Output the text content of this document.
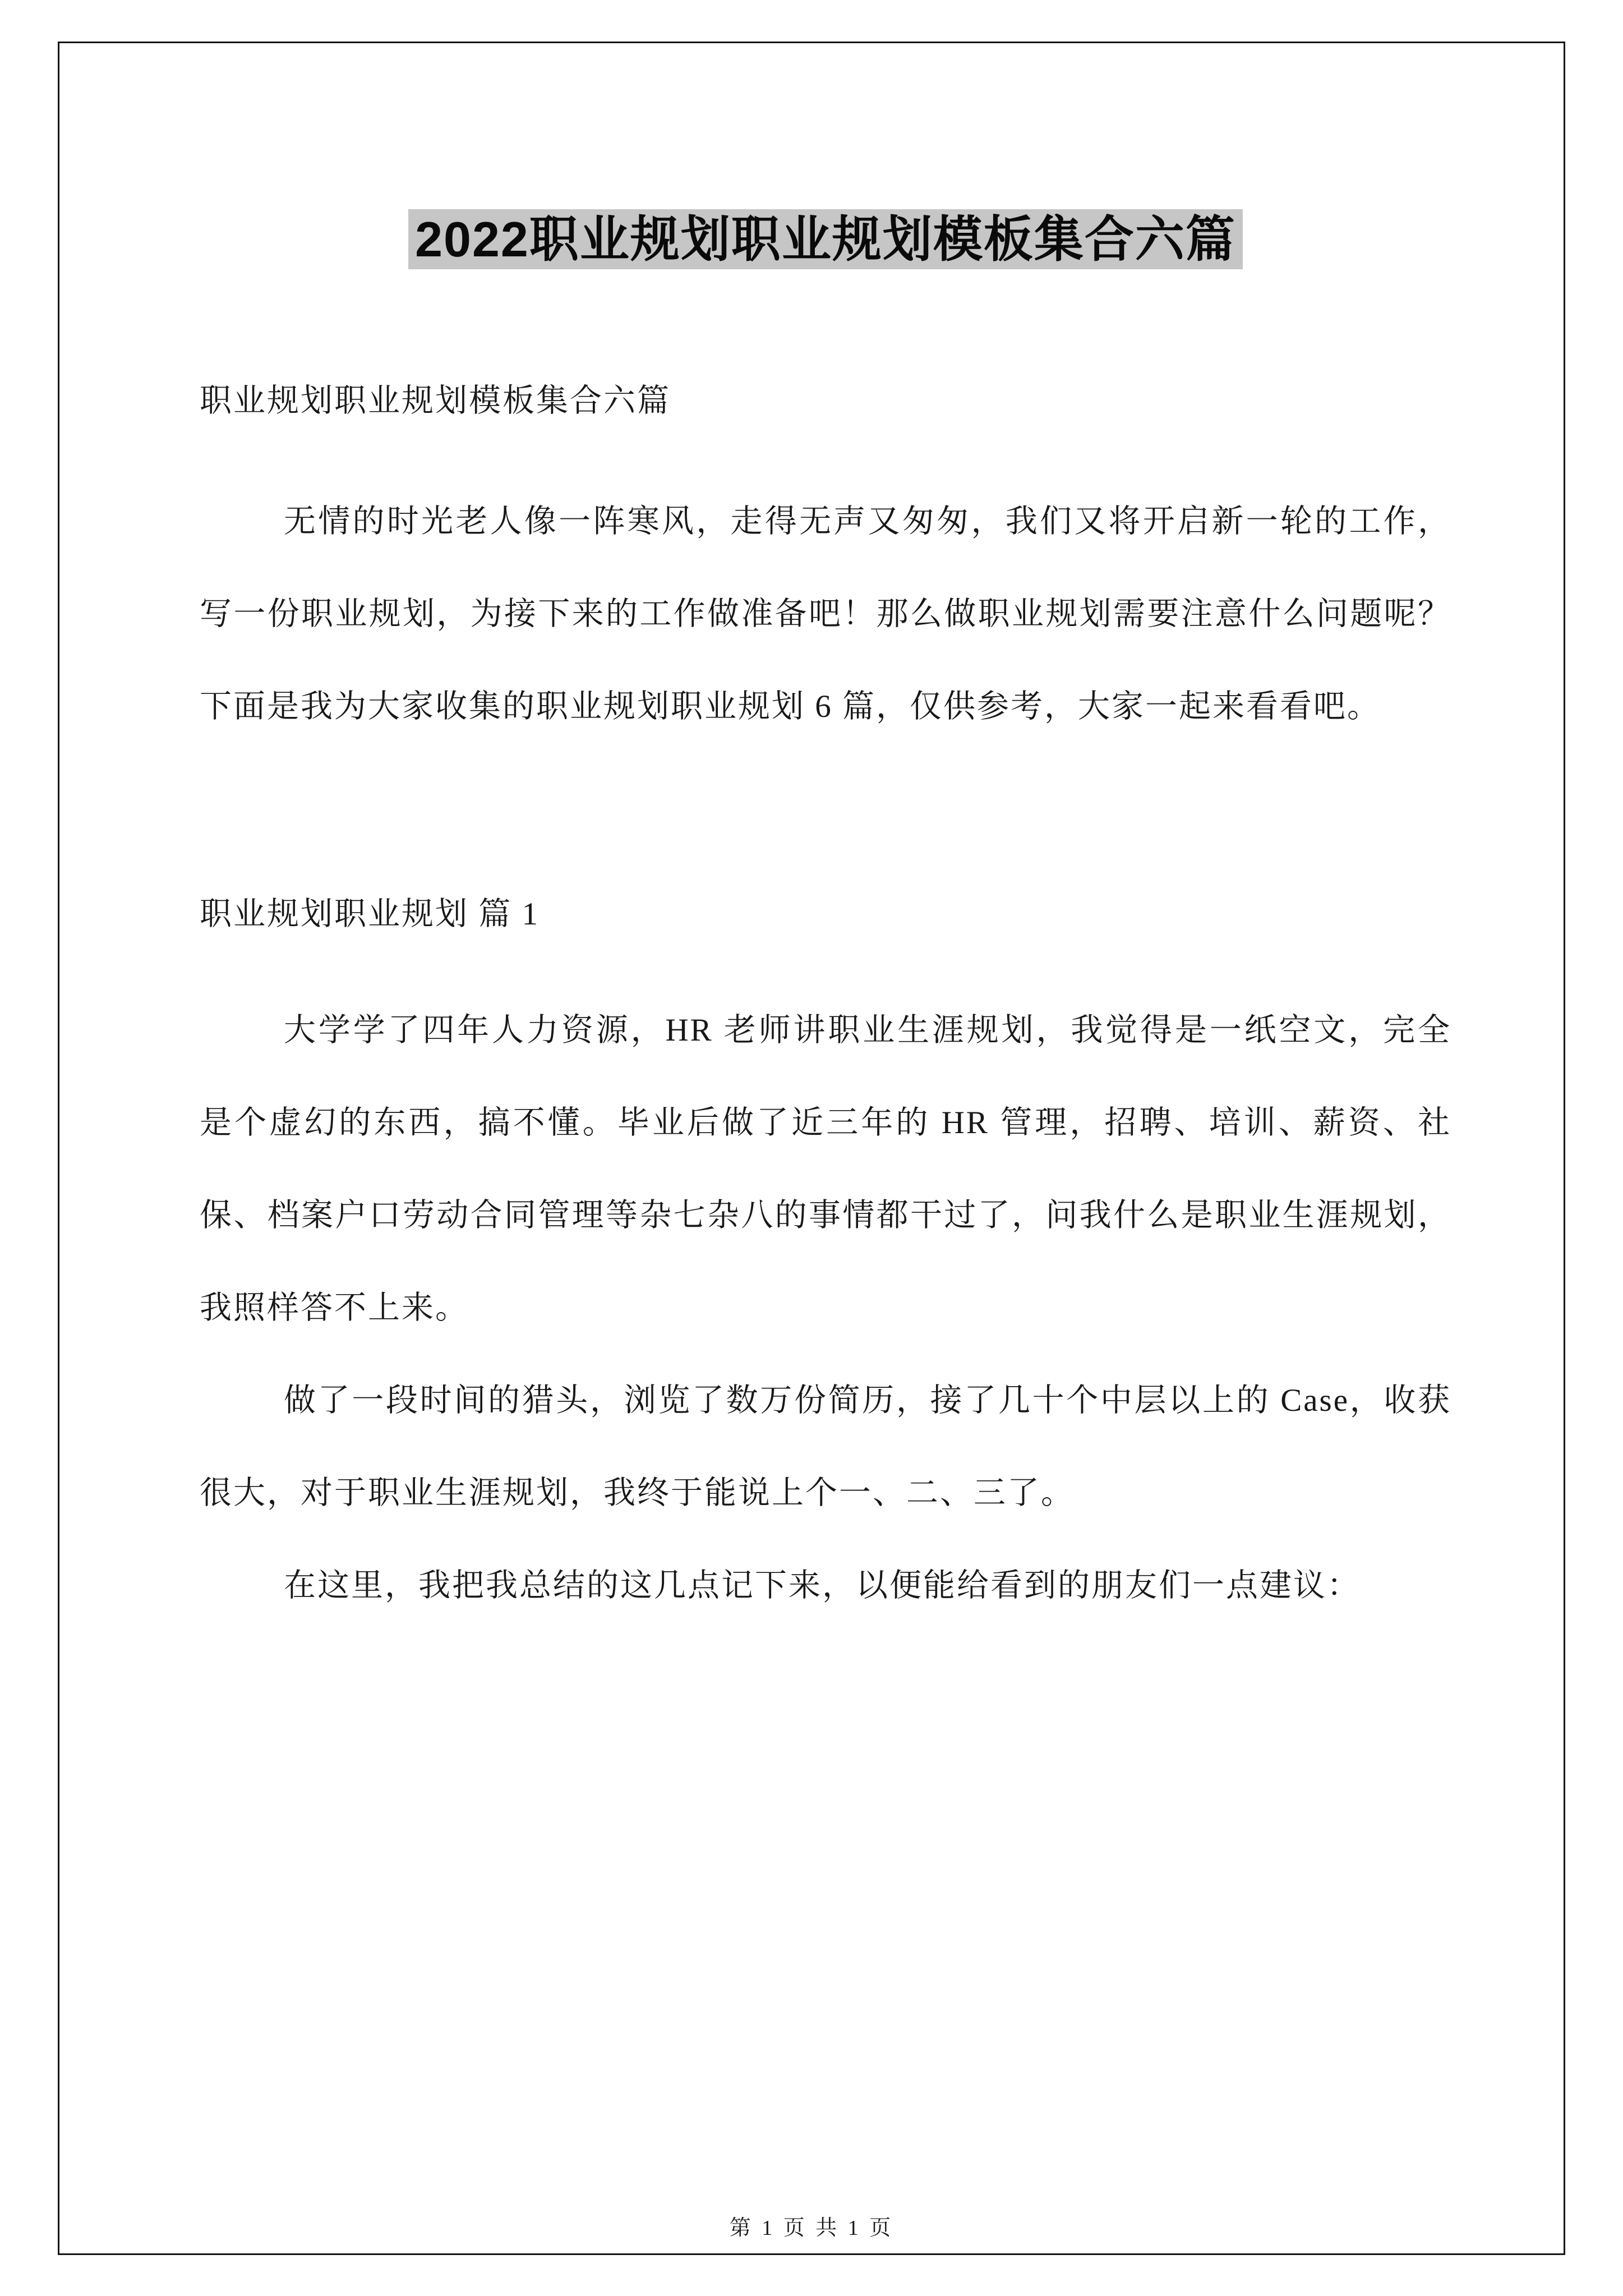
2022职业规划职业规划模板集合六篇

职业规划职业规划模板集合六篇

无情的时光老人像一阵寒风，走得无声又匆匆，我们又将开启新一轮的工作，写一份职业规划，为接下来的工作做准备吧！那么做职业规划需要注意什么问题呢？下面是我为大家收集的职业规划职业规划 6 篇，仅供参考，大家一起来看看吧。

职业规划职业规划 篇 1

大学学了四年人力资源，HR 老师讲职业生涯规划，我觉得是一纸空文，完全是个虚幻的东西，搞不懂。毕业后做了近三年的 HR 管理，招聘、培训、薪资、社保、档案户口劳动合同管理等杂七杂八的事情都干过了，问我什么是职业生涯规划，我照样答不上来。

做了一段时间的猎头，浏览了数万份简历，接了几十个中层以上的 Case，收获很大，对于职业生涯规划，我终于能说上个一、二、三了。

在这里，我把我总结的这几点记下来，以便能给看到的朋友们一点建议：

第 1 页 共 1 页
